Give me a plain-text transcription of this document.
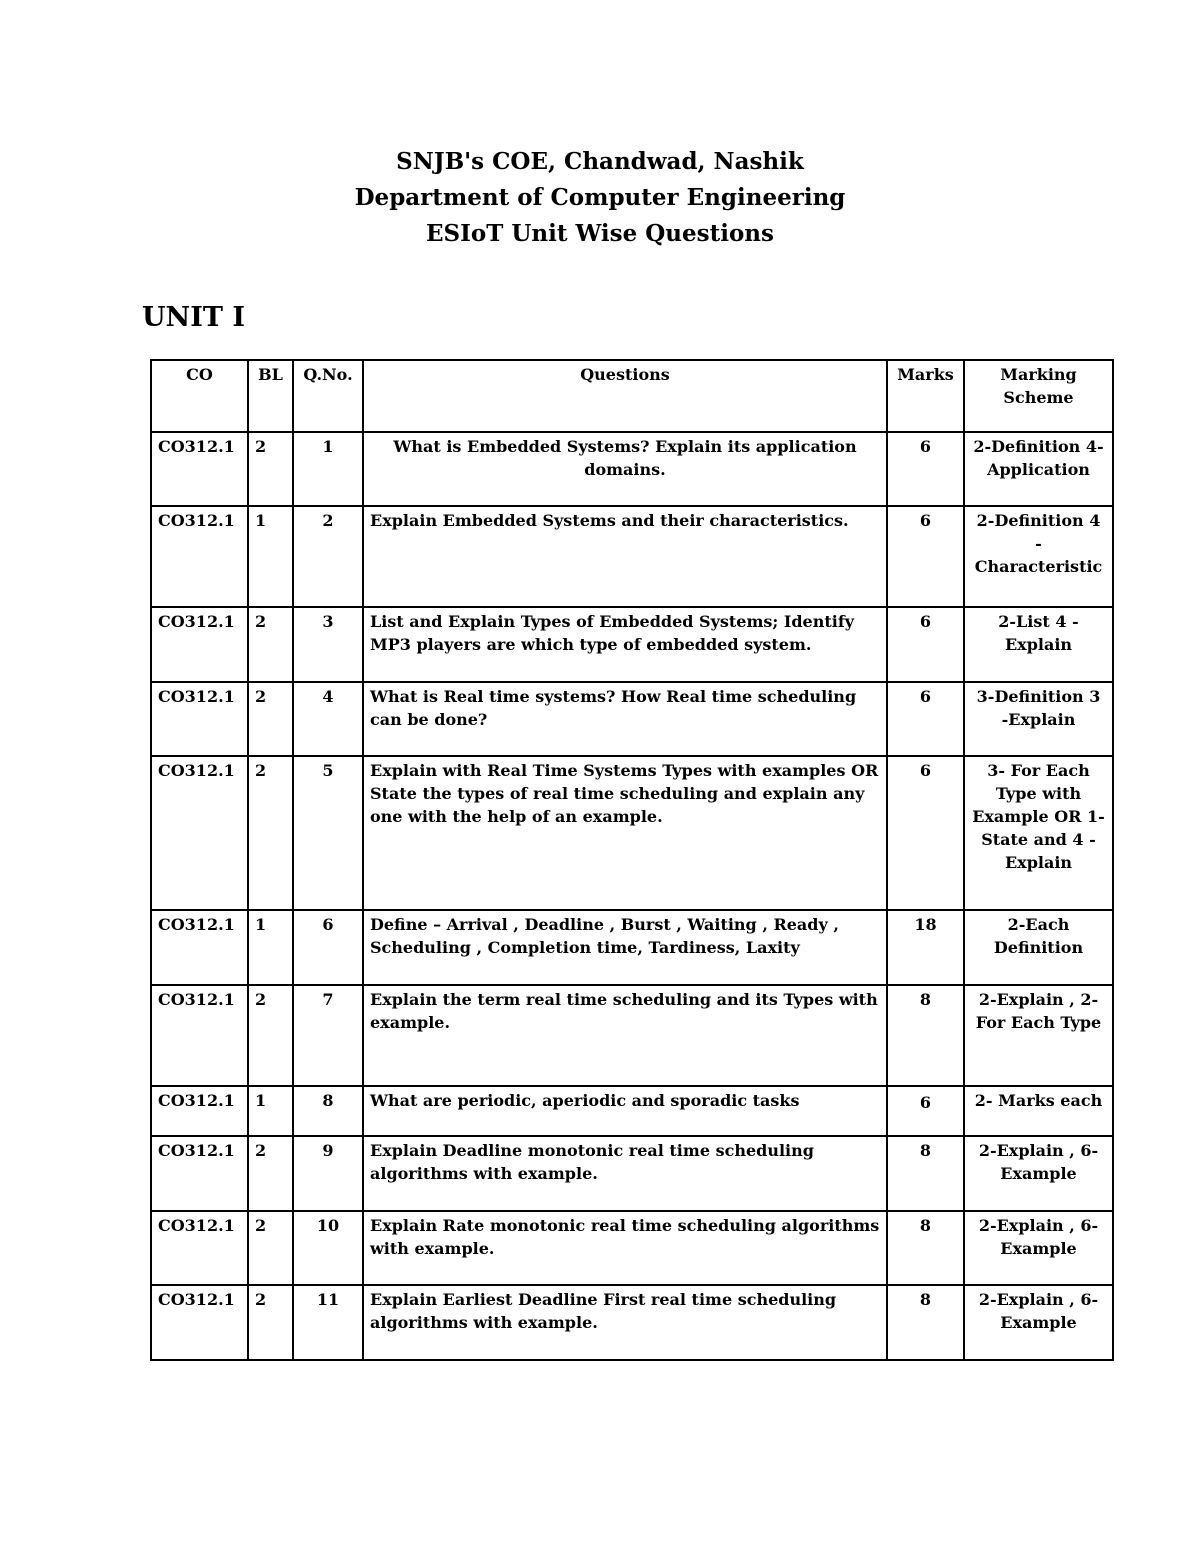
SNJB's COE, Chandwad, Nashik
Department of Computer Engineering
ESIoT Unit Wise Questions
UNIT I
CO	BL	Q.No.	Questions	Marks	Marking Scheme
CO312.1	2	1	What is Embedded Systems? Explain its application domains.	6	2-Definition 4-Application
CO312.1	1	2	Explain Embedded Systems and their characteristics.	6	2-Definition 4 - Characteristic
CO312.1	2	3	List and Explain Types of Embedded Systems; Identify MP3 players are which type of embedded system.	6	2-List 4 - Explain
CO312.1	2	4	What is Real time systems? How Real time scheduling can be done?	6	3-Definition 3 -Explain
CO312.1	2	5	Explain with Real Time Systems Types with examples OR State the types of real time scheduling and explain any one with the help of an example.	6	3- For Each Type with Example OR 1-State and 4 - Explain
CO312.1	1	6	Define – Arrival , Deadline , Burst , Waiting , Ready , Scheduling , Completion time, Tardiness, Laxity	18	2-Each Definition
CO312.1	2	7	Explain the term real time scheduling and its Types with example.	8	2-Explain , 2- For Each Type
CO312.1	1	8	What are periodic, aperiodic and sporadic tasks	6	2- Marks each
CO312.1	2	9	Explain Deadline monotonic real time scheduling algorithms with example.	8	2-Explain , 6- Example
CO312.1	2	10	Explain Rate monotonic real time scheduling algorithms with example.	8	2-Explain , 6- Example
CO312.1	2	11	Explain Earliest Deadline First real time scheduling algorithms with example.	8	2-Explain , 6- Example
